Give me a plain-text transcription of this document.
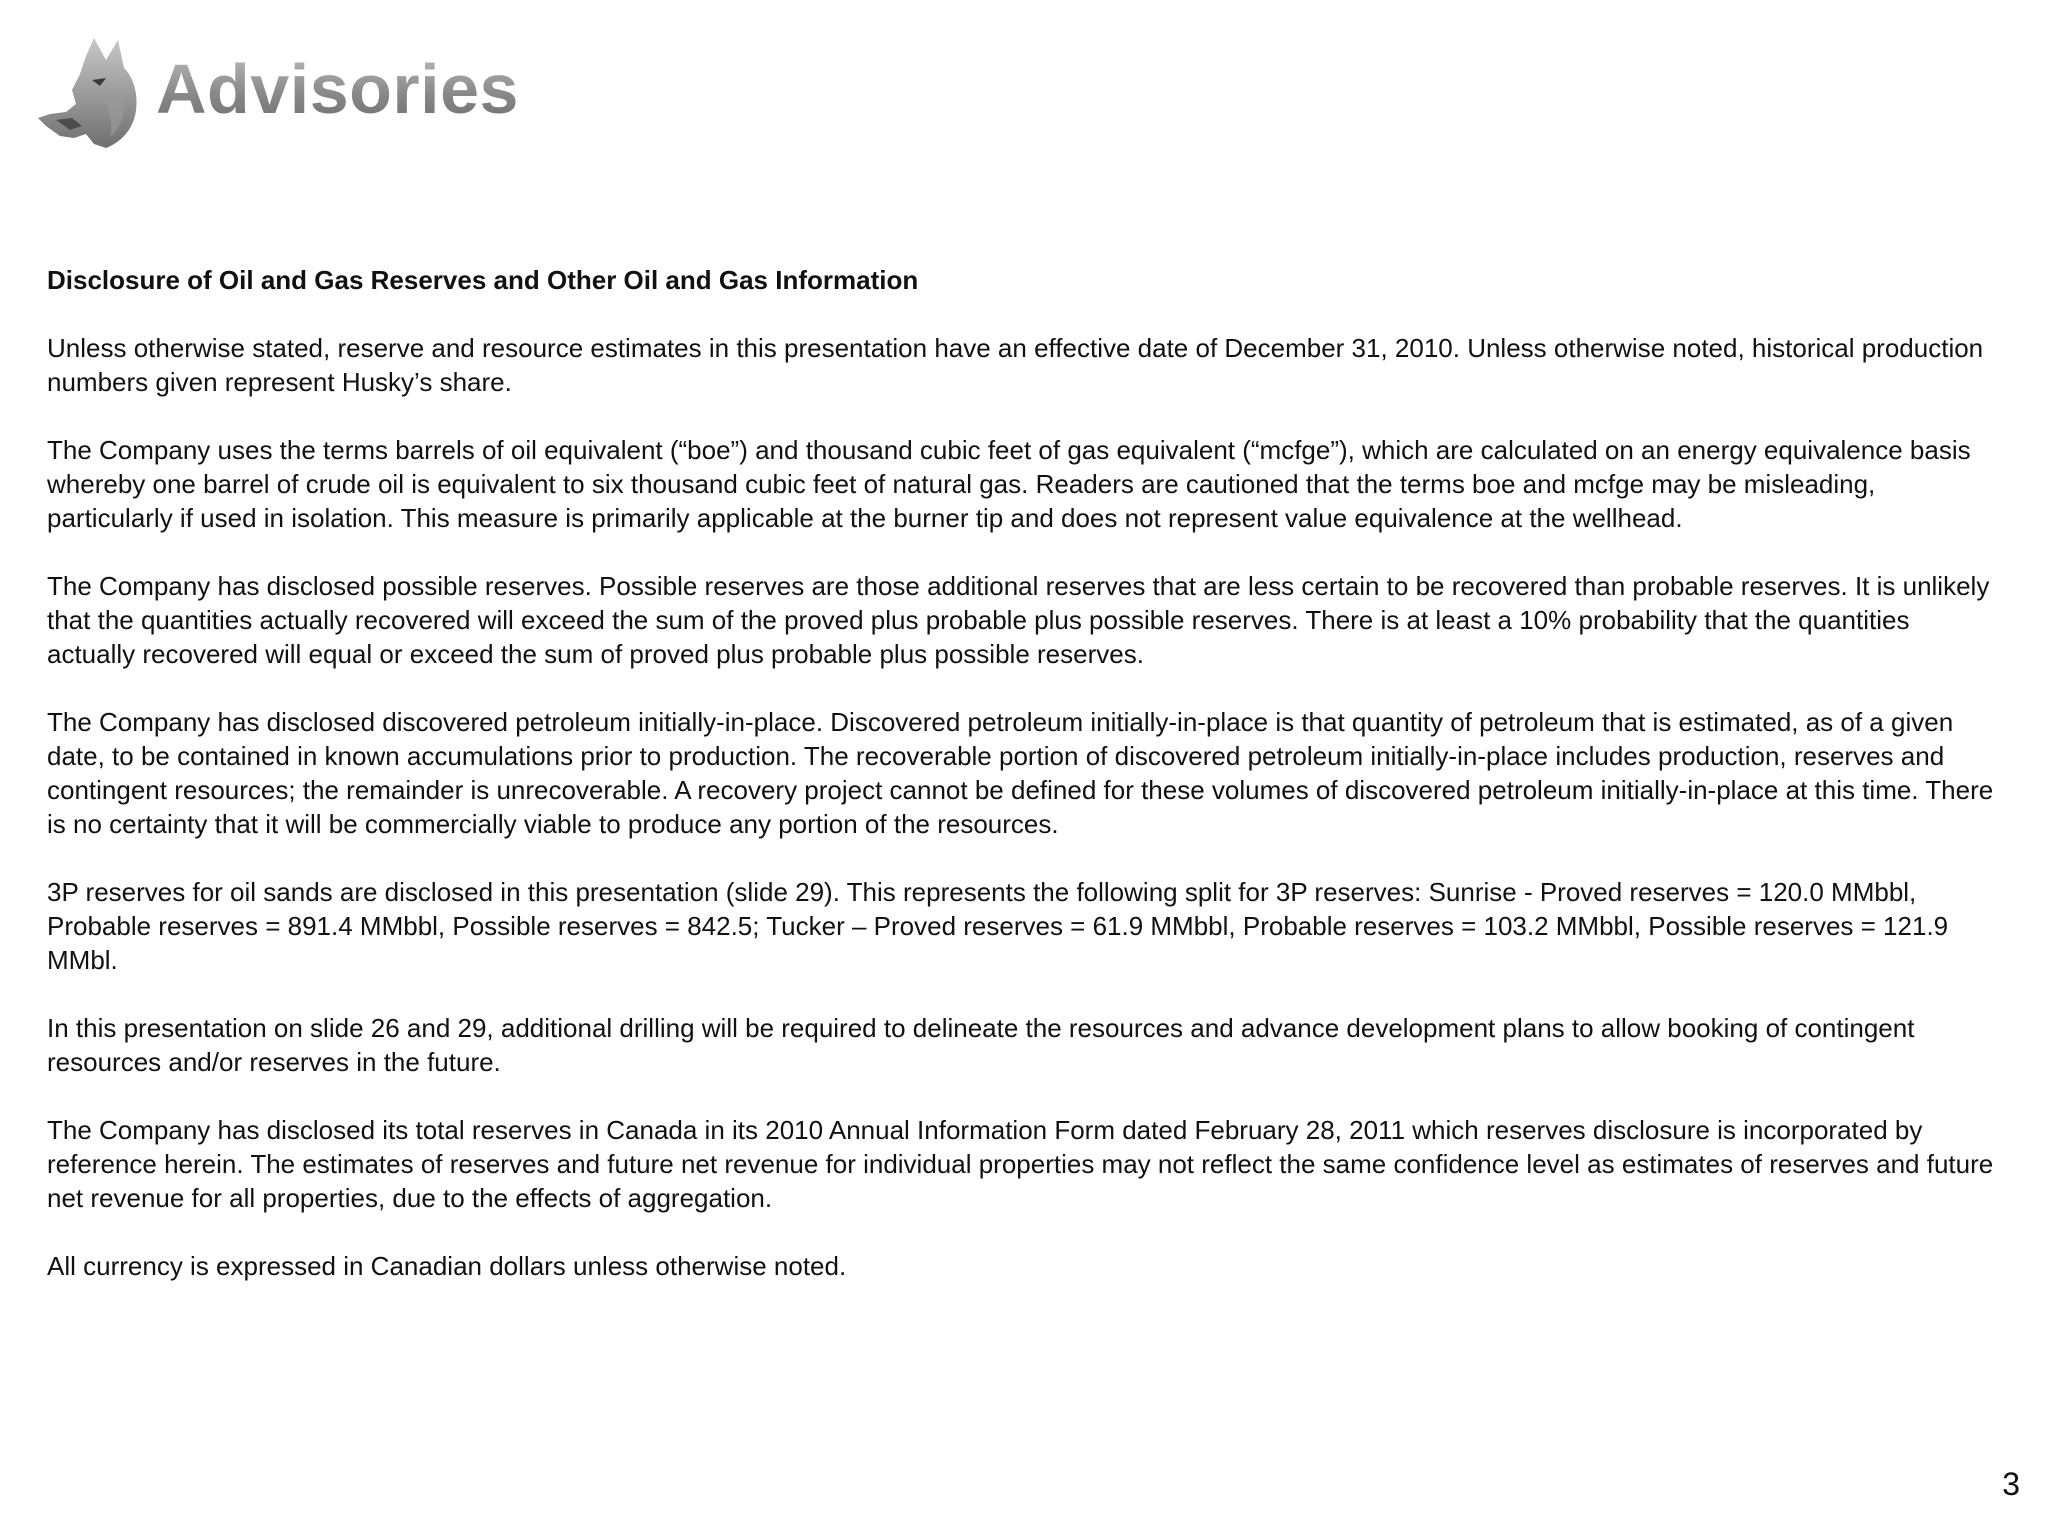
Advisories

Disclosure of Oil and Gas Reserves and Other Oil and Gas Information

Unless otherwise stated, reserve and resource estimates in this presentation have an effective date of December 31, 2010. Unless otherwise noted, historical production numbers given represent Husky’s share.

The Company uses the terms barrels of oil equivalent (“boe”) and thousand cubic feet of gas equivalent (“mcfge”), which are calculated on an energy equivalence basis whereby one barrel of crude oil is equivalent to six thousand cubic feet of natural gas. Readers are cautioned that the terms boe and mcfge may be misleading, particularly if used in isolation. This measure is primarily applicable at the burner tip and does not represent value equivalence at the wellhead.

The Company has disclosed possible reserves. Possible reserves are those additional reserves that are less certain to be recovered than probable reserves. It is unlikely that the quantities actually recovered will exceed the sum of the proved plus probable plus possible reserves. There is at least a 10% probability that the quantities actually recovered will equal or exceed the sum of proved plus probable plus possible reserves.

The Company has disclosed discovered petroleum initially-in-place. Discovered petroleum initially-in-place is that quantity of petroleum that is estimated, as of a given date, to be contained in known accumulations prior to production. The recoverable portion of discovered petroleum initially-in-place includes production, reserves and contingent resources; the remainder is unrecoverable. A recovery project cannot be defined for these volumes of discovered petroleum initially-in-place at this time. There is no certainty that it will be commercially viable to produce any portion of the resources.

3P reserves for oil sands are disclosed in this presentation (slide 29). This represents the following split for 3P reserves: Sunrise - Proved reserves = 120.0 MMbbl, Probable reserves = 891.4 MMbbl, Possible reserves = 842.5; Tucker – Proved reserves = 61.9 MMbbl, Probable reserves = 103.2 MMbbl, Possible reserves = 121.9 MMbl.

In this presentation on slide 26 and 29, additional drilling will be required to delineate the resources and advance development plans to allow booking of contingent resources and/or reserves in the future.

The Company has disclosed its total reserves in Canada in its 2010 Annual Information Form dated February 28, 2011 which reserves disclosure is incorporated by reference herein. The estimates of reserves and future net revenue for individual properties may not reflect the same confidence level as estimates of reserves and future net revenue for all properties, due to the effects of aggregation.

All currency is expressed in Canadian dollars unless otherwise noted.

3
